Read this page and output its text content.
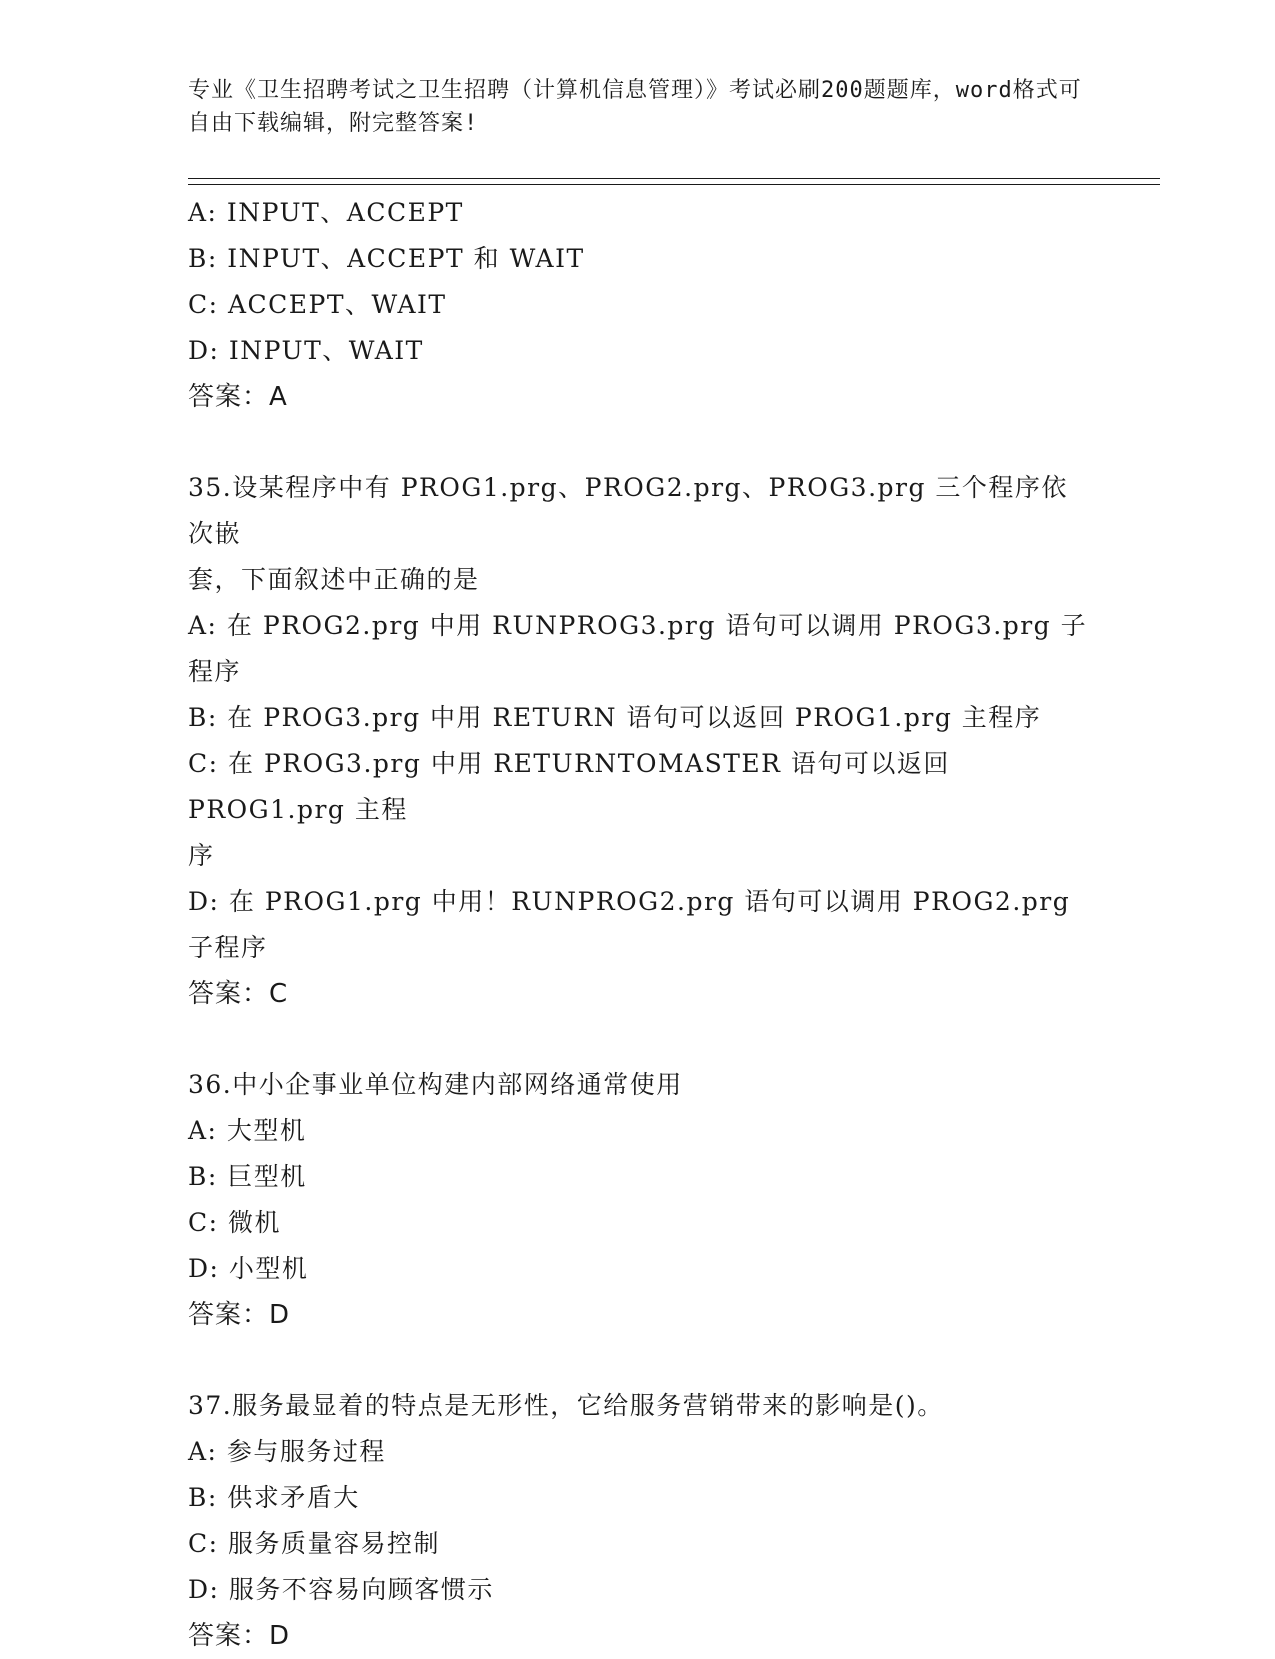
专业《卫生招聘考试之卫生招聘（计算机信息管理）》考试必刷200题题库，word格式可自由下载编辑，附完整答案!

A: INPUT、ACCEPT

B: INPUT、ACCEPT 和 WAIT

C: ACCEPT、WAIT

D: INPUT、WAIT

答案：A

35.设某程序中有 PROG1.prg、PROG2.prg、PROG3.prg 三个程序依次嵌

套，下面叙述中正确的是

A: 在 PROG2.prg 中用 RUNPROG3.prg 语句可以调用 PROG3.prg 子程序

B: 在 PROG3.prg 中用 RETURN 语句可以返回 PROG1.prg 主程序

C: 在 PROG3.prg 中用 RETURNTOMASTER 语句可以返回 PROG1.prg 主程
序

D: 在 PROG1.prg 中用！RUNPROG2.prg 语句可以调用 PROG2.prg 子程序

答案：C

36.中小企事业单位构建内部网络通常使用

A: 大型机

B: 巨型机

C: 微机

D: 小型机

答案：D

37.服务最显着的特点是无形性，它给服务营销带来的影响是()。

A: 参与服务过程

B: 供求矛盾大

C: 服务质量容易控制

D: 服务不容易向顾客惯示

答案：D
